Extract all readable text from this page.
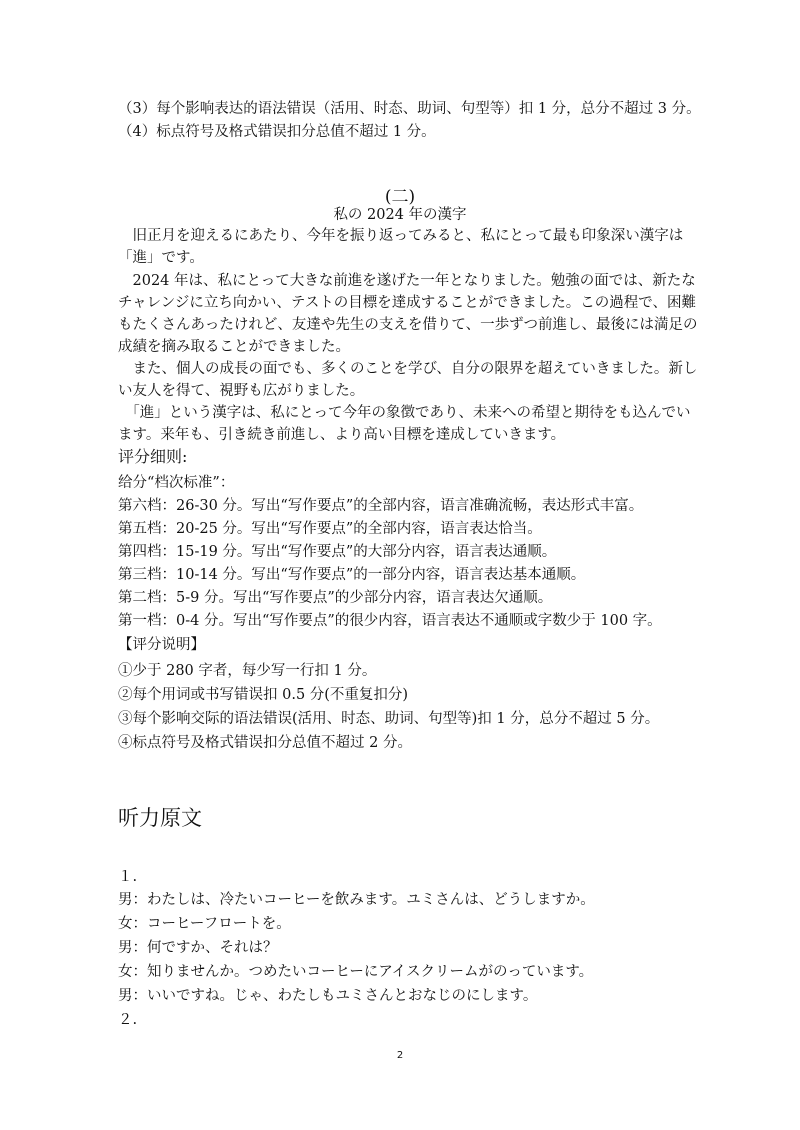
（3）每个影响表达的语法错误（活用、时态、助词、句型等）扣 1 分，总分不超过 3 分。
（4）标点符号及格式错误扣分总值不超过 1 分。
(二)
私の 2024 年の漢字
　旧正月を迎えるにあたり、今年を振り返ってみると、私にとって最も印象深い漢字は
「進」です。
　2024 年は、私にとって大きな前進を遂げた一年となりました。勉強の面では、新たな
チャレンジに立ち向かい、テストの目標を達成することができました。この過程で、困難
もたくさんあったけれど、友達や先生の支えを借りて、一歩ずつ前進し、最後には満足の
成績を摘み取ることができました。
　また、個人の成長の面でも、多くのことを学び、自分の限界を超えていきました。新し
い友人を得て、視野も広がりました。
　「進」という漢字は、私にとって今年の象徴であり、未来への希望と期待をも込んでい
ます。来年も、引き続き前進し、より高い目標を達成していきます。
评分细则:
给分“档次标准”：
第六档：26-30 分。写出“写作要点”的全部内容，语言准确流畅，表达形式丰富。
第五档：20-25 分。写出“写作要点”的全部内容，语言表达恰当。
第四档：15-19 分。写出“写作要点”的大部分内容，语言表达通顺。
第三档：10-14 分。写出“写作要点”的一部分内容，语言表达基本通顺。
第二档：5-9 分。写出“写作要点”的少部分内容，语言表达欠通顺。
第一档：0-4 分。写出“写作要点”的很少内容，语言表达不通顺或字数少于 100 字。
【评分说明】
①少于 280 字者，每少写一行扣 1 分。
②每个用词或书写错误扣 0.5 分(不重复扣分)
③每个影响交际的语法错误(活用、时态、助词、句型等)扣 1 分，总分不超过 5 分。
④标点符号及格式错误扣分总值不超过 2 分。
听力原文
１.
男：わたしは、冷たいコーヒーを飲みます。ユミさんは、どうしますか。
女：コーヒーフロートを。
男：何ですか、それは？
女：知りませんか。つめたいコーヒーにアイスクリームがのっています。
男：いいですね。じゃ、わたしもユミさんとおなじのにします。
２.
2
